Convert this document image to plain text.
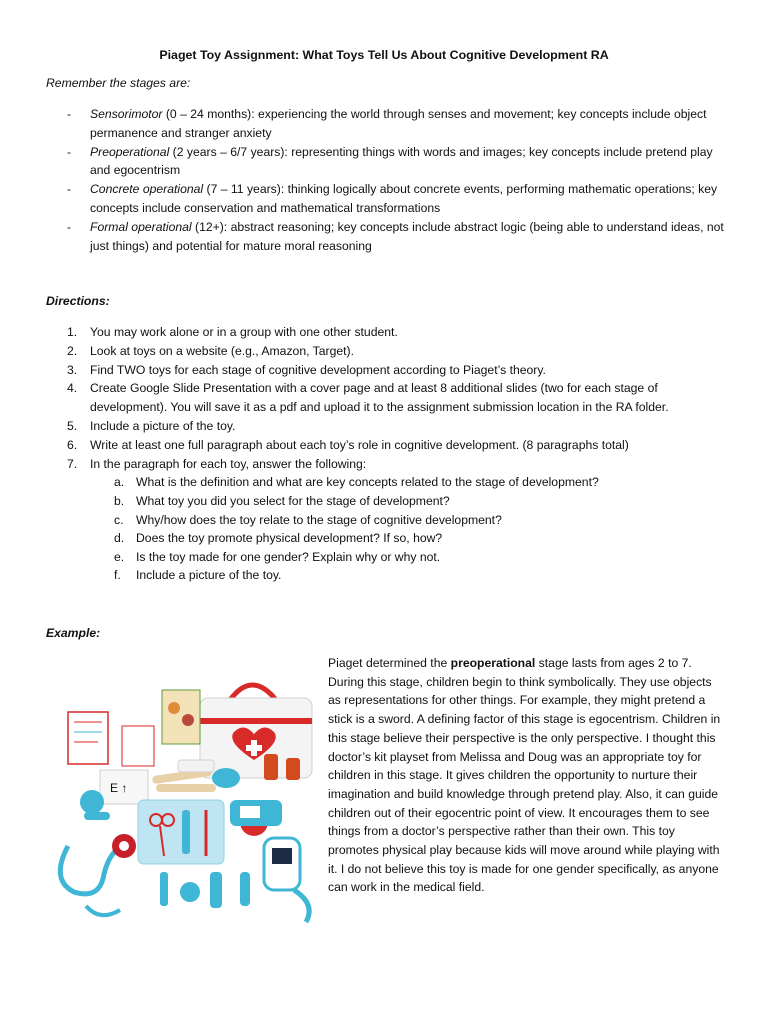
Piaget Toy Assignment: What Toys Tell Us About Cognitive Development RA
Remember the stages are:
- Sensorimotor (0 – 24 months): experiencing the world through senses and movement; key concepts include object permanence and stranger anxiety
- Preoperational (2 years – 6/7 years): representing things with words and images; key concepts include pretend play and egocentrism
- Concrete operational (7 – 11 years): thinking logically about concrete events, performing mathematic operations; key concepts include conservation and mathematical transformations
- Formal operational (12+): abstract reasoning; key concepts include abstract logic (being able to understand ideas, not just things) and potential for mature moral reasoning
Directions:
1. You may work alone or in a group with one other student.
2. Look at toys on a website (e.g., Amazon, Target).
3. Find TWO toys for each stage of cognitive development according to Piaget’s theory.
4. Create Google Slide Presentation with a cover page and at least 8 additional slides (two for each stage of development). You will save it as a pdf and upload it to the assignment submission location in the RA folder.
5. Include a picture of the toy.
6. Write at least one full paragraph about each toy’s role in cognitive development. (8 paragraphs total)
7. In the paragraph for each toy, answer the following:
a. What is the definition and what are key concepts related to the stage of development?
b. What toy you did you select for the stage of development?
c. Why/how does the toy relate to the stage of cognitive development?
d. Does the toy promote physical development? If so, how?
e. Is the toy made for one gender? Explain why or why not.
f. Include a picture of the toy.
Example:
E ↑

Piaget determined the preoperational stage lasts from ages 2 to 7. During this stage, children begin to think symbolically. They use objects as representations for other things. For example, they might pretend a stick is a sword. A defining factor of this stage is egocentrism. Children in this stage believe their perspective is the only perspective. I thought this doctor’s kit playset from Melissa and Doug was an appropriate toy for children in this stage. It gives children the opportunity to nurture their imagination and build knowledge through pretend play. Also, it can guide children out of their egocentric point of view. It encourages them to see things from a doctor’s perspective rather than their own. This toy promotes physical play because kids will move around while playing with it. I do not believe this toy is made for one gender specifically, as anyone can work in the medical field.
